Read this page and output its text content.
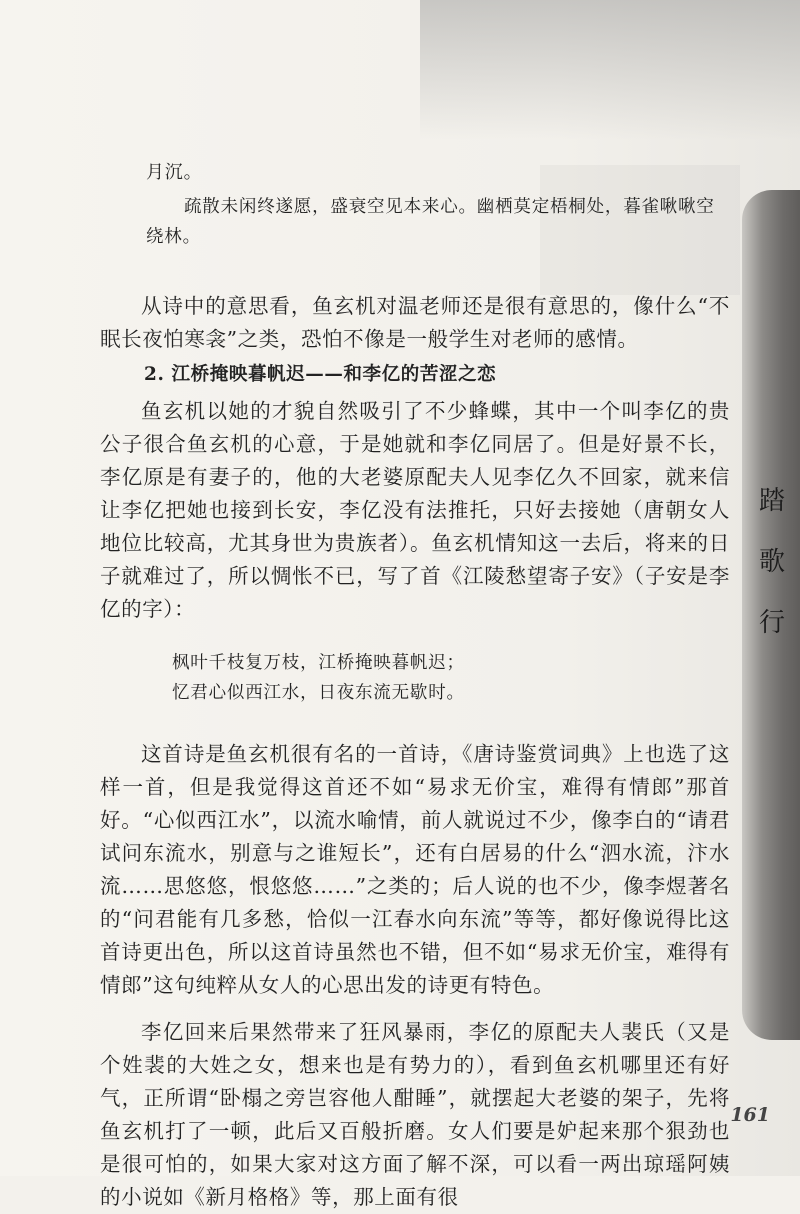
踏
歌
行

月沉。

疏散未闲终遂愿，盛衰空见本来心。幽栖莫定梧桐处，暮雀啾啾空

绕林。

从诗中的意思看，鱼玄机对温老师还是很有意思的，像什么“不眠长夜怕寒衾”之类，恐怕不像是一般学生对老师的感情。

2. 江桥掩映暮帆迟——和李亿的苦涩之恋

鱼玄机以她的才貌自然吸引了不少蜂蝶，其中一个叫李亿的贵公子很合鱼玄机的心意，于是她就和李亿同居了。但是好景不长，李亿原是有妻子的，他的大老婆原配夫人见李亿久不回家，就来信让李亿把她也接到长安，李亿没有法推托，只好去接她（唐朝女人地位比较高，尤其身世为贵族者）。鱼玄机情知这一去后，将来的日子就难过了，所以惆怅不已，写了首《江陵愁望寄子安》（子安是李亿的字）：

枫叶千枝复万枝，江桥掩映暮帆迟；

忆君心似西江水，日夜东流无歇时。

这首诗是鱼玄机很有名的一首诗，《唐诗鉴赏词典》上也选了这样一首，但是我觉得这首还不如“易求无价宝，难得有情郎”那首好。“心似西江水”，以流水喻情，前人就说过不少，像李白的“请君试问东流水，别意与之谁短长”，还有白居易的什么“泗水流，汴水流……思悠悠，恨悠悠……”之类的；后人说的也不少，像李煜著名的“问君能有几多愁，恰似一江春水向东流”等等，都好像说得比这首诗更出色，所以这首诗虽然也不错，但不如“易求无价宝，难得有情郎”这句纯粹从女人的心思出发的诗更有特色。

李亿回来后果然带来了狂风暴雨，李亿的原配夫人裴氏（又是个姓裴的大姓之女，想来也是有势力的），看到鱼玄机哪里还有好气，正所谓“卧榻之旁岂容他人酣睡”，就摆起大老婆的架子，先将鱼玄机打了一顿，此后又百般折磨。女人们要是妒起来那个狠劲也是很可怕的，如果大家对这方面了解不深，可以看一两出琼瑶阿姨的小说如《新月格格》等，那上面有很

161
